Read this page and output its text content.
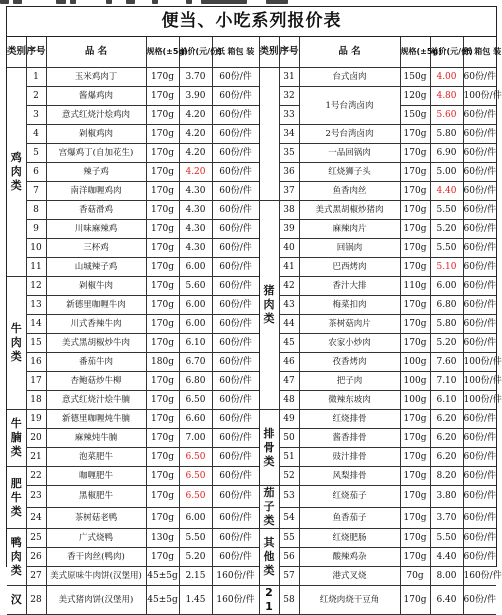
便当、小吃系列报价表
类别	序号	品 名	规格(±5g)	单价(元/份)	纸 箱包 装	类别	序号	品 名	规格(±5g)	单价(元/份)	纸 箱包 装
鸡肉类	1	玉米鸡肉丁	170g	3.70	60份/件		31	台式卤肉	150g	4.00	60份/件
	2	酱爆鸡肉	170g	3.90	60份/件		32	1号台湾卤肉	120g	4.80	100份/件
	3	意式红烧汁烩鸡肉	170g	4.20	60份/件		33		150g	5.60	60份/件
	4	剁椒鸡肉	170g	4.20	60份/件		34	2号台湾卤肉	170g	5.80	60份/件
	5	宫爆鸡丁(自加花生)	170g	4.20	60份/件		35	一品回锅肉	170g	6.90	60份/件
	6	辣子鸡	170g	4.20	60份/件		36	红烧狮子头	170g	5.00	60份/件
	7	南洋咖喱鸡肉	170g	4.30	60份/件		37	鱼香肉丝	170g	4.40	60份/件
	8	香菇滑鸡	170g	4.30	60份/件	猪肉类	38	美式黑胡椒炒猪肉	170g	5.50	60份/件
	9	川味麻辣鸡	170g	4.30	60份/件		39	麻辣肉片	170g	5.20	60份/件
	10	三杯鸡	170g	4.30	60份/件		40	回锅肉	170g	5.50	60份/件
	11	山城辣子鸡	170g	6.00	60份/件		41	巴西烤肉	170g	5.10	60份/件
牛肉类	12	剁椒牛肉	170g	5.60	60份/件		42	香汁大排	110g	6.00	60份/件
	13	新德里咖喱牛肉	170g	6.00	60份/件		43	梅菜扣肉	170g	6.80	60份/件
	14	川式香辣牛肉	170g	6.00	60份/件		44	茶树菇肉片	170g	5.80	60份/件
	15	美式黑胡椒炒牛肉	170g	6.10	60份/件		45	农家小炒肉	170g	5.20	60份/件
	16	番茄牛肉	180g	6.70	60份/件		46	孜香烤肉	100g	7.60	100份/件
	17	杏鲍菇炒牛柳	170g	6.80	60份/件		47	把子肉	100g	7.10	100份/件
	18	意式红烧汁烩牛腩	170g	6.50	60份/件		48	微辣东坡肉	100g	6.10	100份/件
牛腩类	19	新德里咖喱炖牛腩	170g	6.60	60份/件	排骨类	49	红烧排骨	170g	6.20	60份/件
	20	麻辣炖牛腩	170g	7.00	60份/件		50	酱香排骨	170g	6.20	60份/件
	21	泡菜肥牛	170g	6.50	60份/件		51	豉汁排骨	170g	6.20	60份/件
肥牛类	22	咖喱肥牛	170g	6.50	60份/件		52	风梨排骨	170g	8.20	60份/件
	23	黑椒肥牛	170g	6.50	60份/件	茄子类	53	红烧茄子	170g	3.80	60份/件
	24	茶树菇老鸭	170g	6.00	60份/件		54	鱼香茄子	170g	3.70	60份/件
鸭肉类	25	广式烧鸭	130g	5.50	60份/件	其他类	55	红烧肥肠	170g	5.50	60份/件
	26	香干肉丝(鸭肉)	170g	5.20	60份/件		56	酸辣鸡杂	170g	4.40	60份/件
	27	美式原味牛肉饼(汉堡用)	45±5g	2.15	160份/件		57	港式叉烧	70g	8.00	160份/件
汉	28	美式猪肉饼(汉堡用)	45±5g	1.45	160份/件	21	58	红烧肉烧干豆角	170g	6.40	60份/件
